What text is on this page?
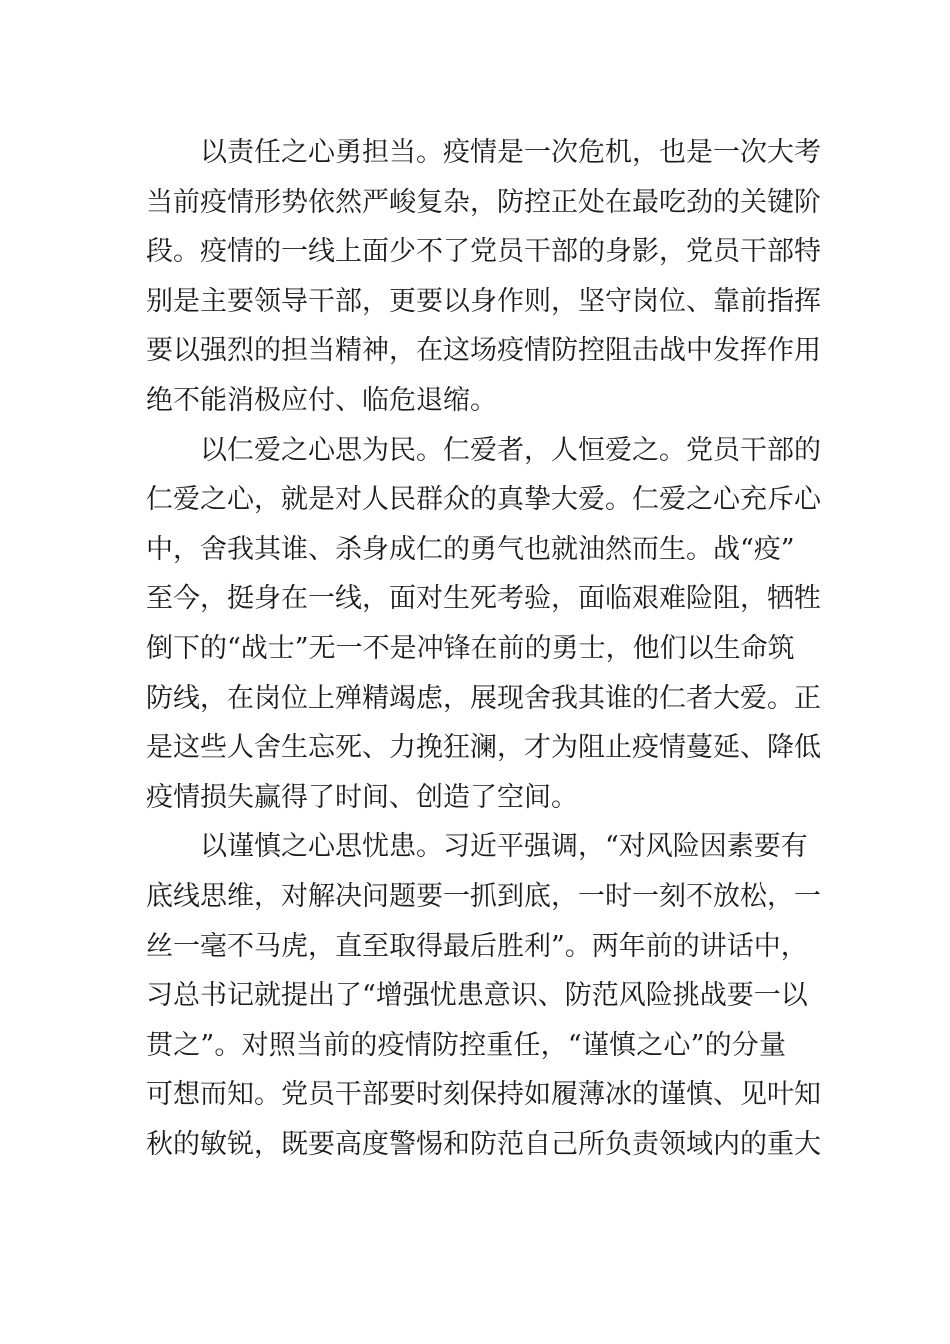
以责任之心勇担当。疫情是一次危机，也是一次大考
当前疫情形势依然严峻复杂，防控正处在最吃劲的关键阶
段。疫情的一线上面少不了党员干部的身影，党员干部特
别是主要领导干部，更要以身作则，坚守岗位、靠前指挥
要以强烈的担当精神，在这场疫情防控阻击战中发挥作用
绝不能消极应付、临危退缩。
以仁爱之心思为民。仁爱者，人恒爱之。党员干部的
仁爱之心，就是对人民群众的真挚大爱。仁爱之心充斥心
中，舍我其谁、杀身成仁的勇气也就油然而生。战“疫”
至今，挺身在一线，面对生死考验，面临艰难险阻，牺牲
倒下的“战士”无一不是冲锋在前的勇士，他们以生命筑
防线，在岗位上殚精竭虑，展现舍我其谁的仁者大爱。正
是这些人舍生忘死、力挽狂澜，才为阻止疫情蔓延、降低
疫情损失赢得了时间、创造了空间。
以谨慎之心思忧患。习近平强调，“对风险因素要有
底线思维，对解决问题要一抓到底，一时一刻不放松，一
丝一毫不马虎，直至取得最后胜利”。两年前的讲话中，
习总书记就提出了“增强忧患意识、防范风险挑战要一以
贯之”。对照当前的疫情防控重任，“谨慎之心”的分量
可想而知。党员干部要时刻保持如履薄冰的谨慎、见叶知
秋的敏锐，既要高度警惕和防范自己所负责领域内的重大
